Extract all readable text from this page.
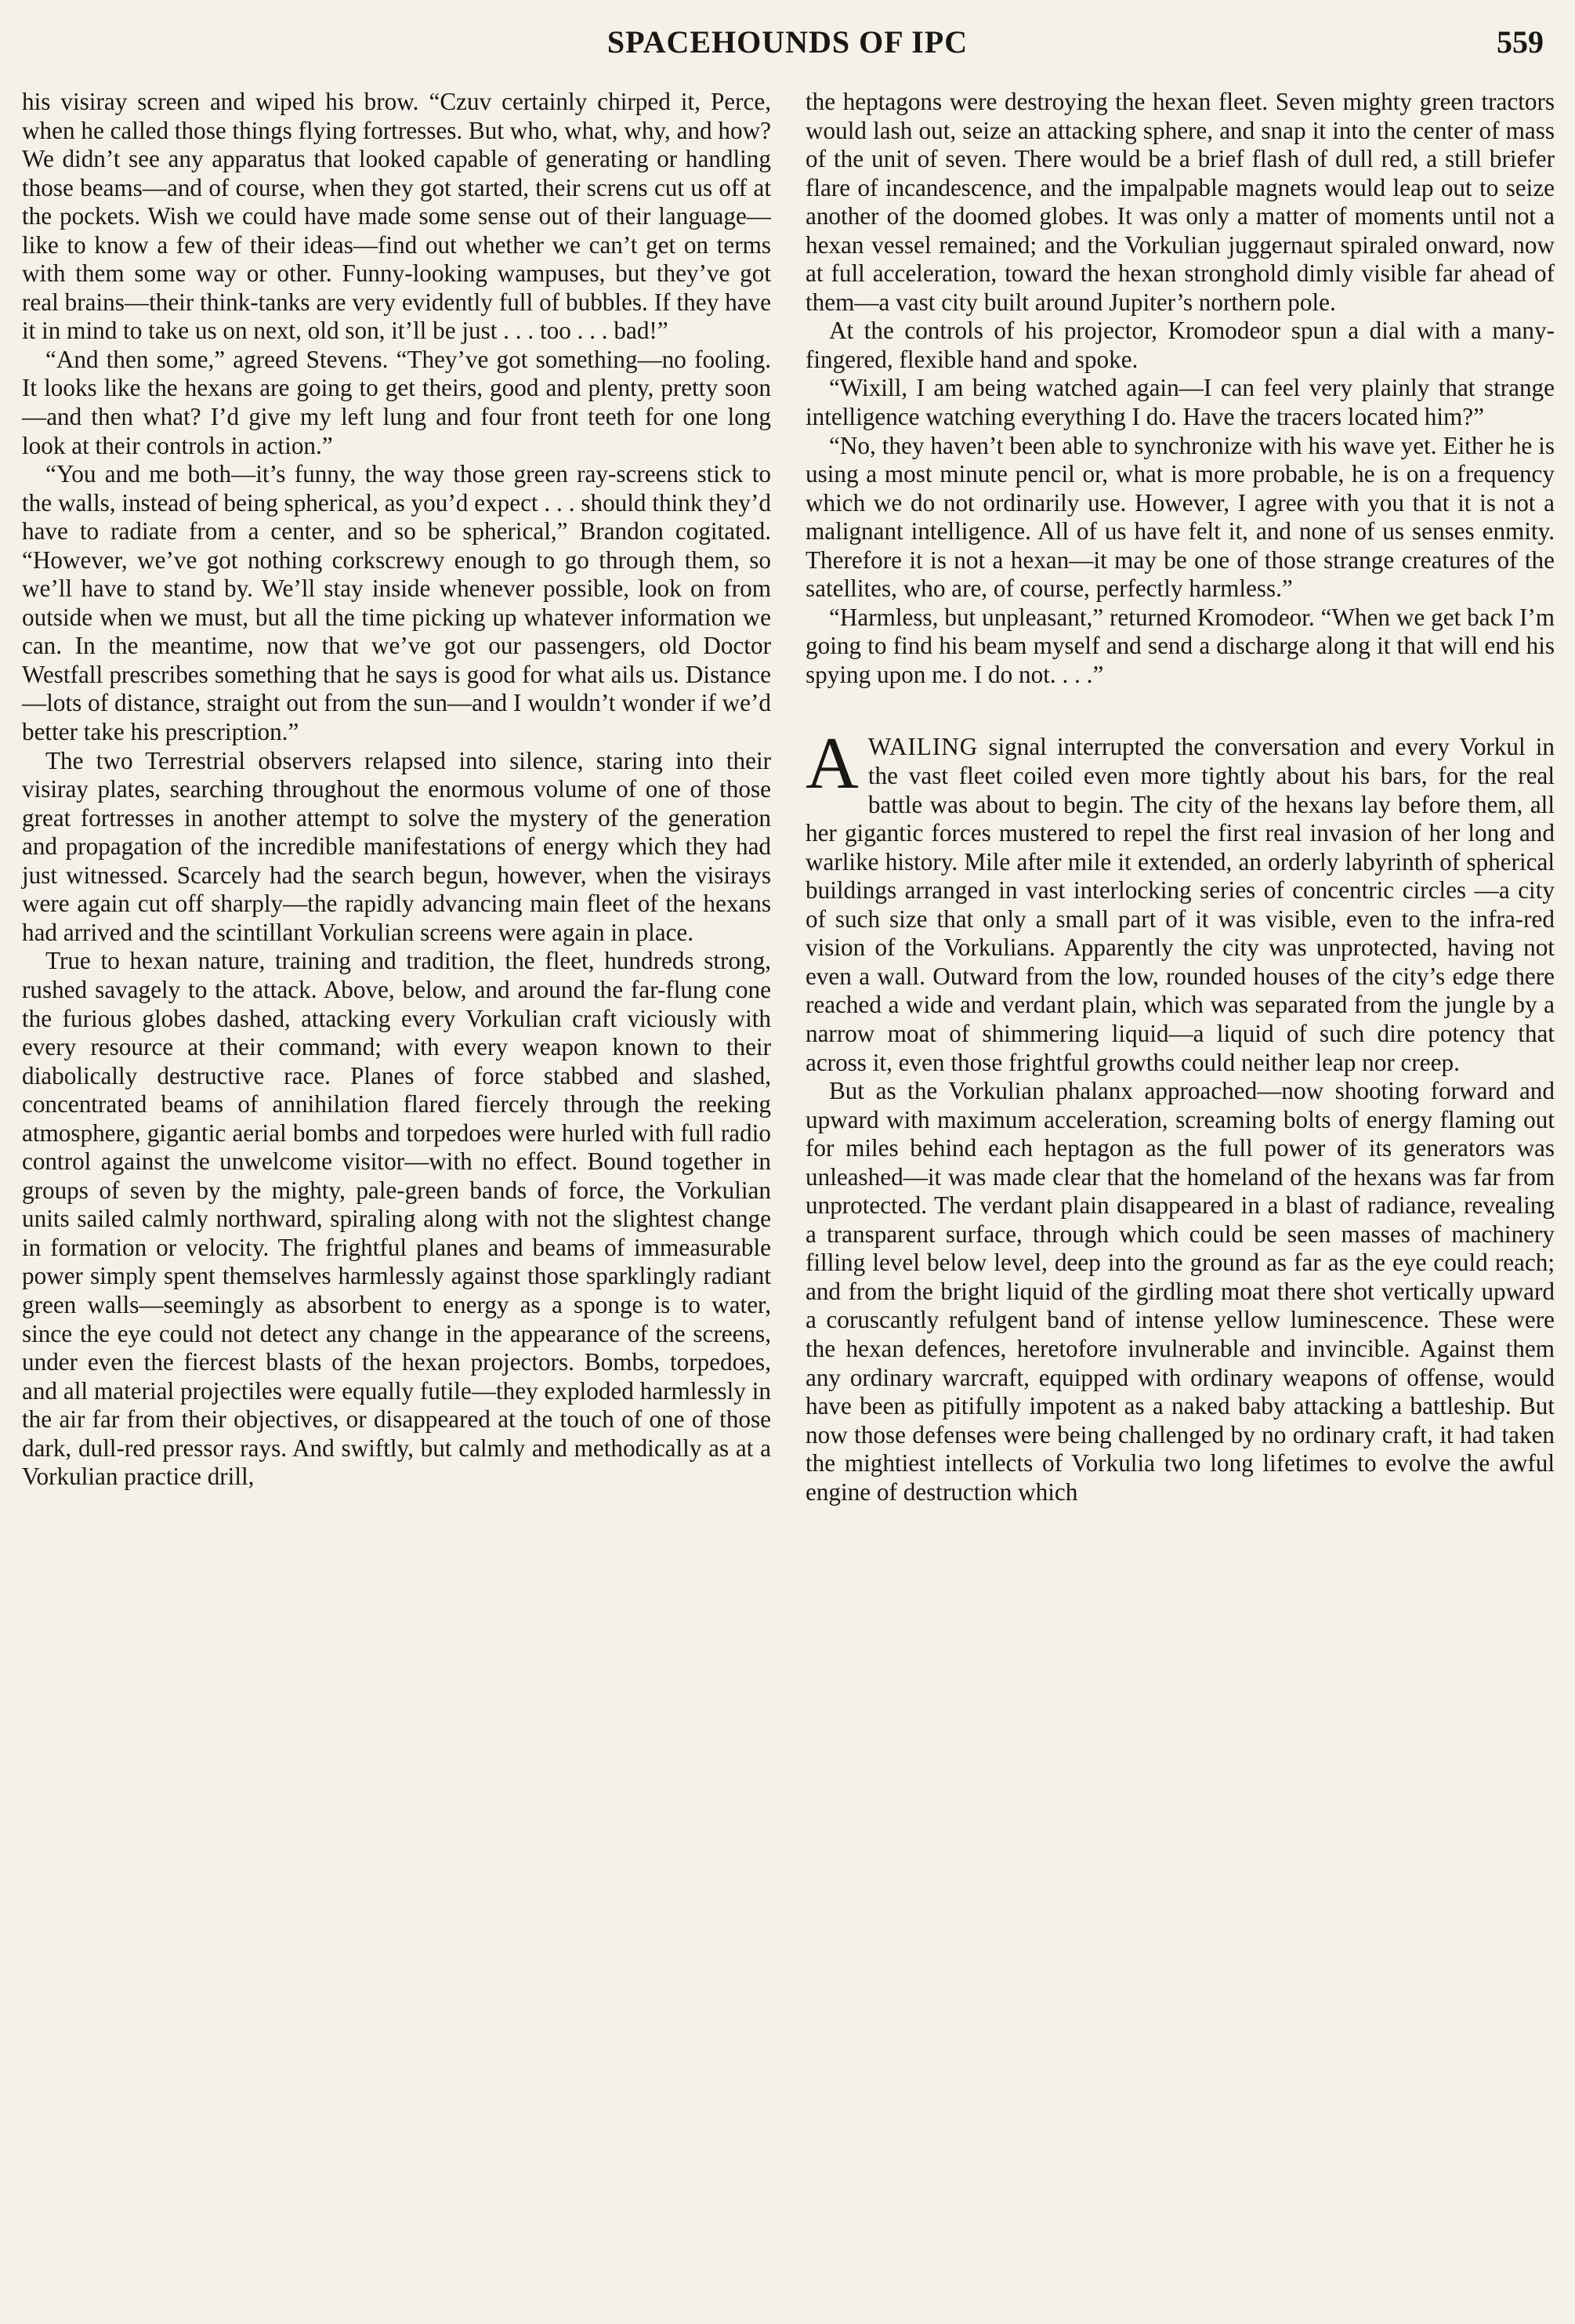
SPACEHOUNDS OF IPC	559

his visiray screen and wiped his brow. “Czuv certainly chirped it, Perce, when he called those things flying fortresses. But who, what, why, and how? We didn’t see any apparatus that looked capable of generating or handling those beams—and of course, when they got started, their screns cut us off at the pockets. Wish we could have made some sense out of their language—like to know a few of their ideas—find out whether we can’t get on terms with them some way or other. Funny-looking wampuses, but they’ve got real brains—their think-tanks are very evidently full of bubbles. If they have it in mind to take us on next, old son, it’ll be just . . . too . . . bad!”

“And then some,” agreed Stevens. “They’ve got something—no fooling. It looks like the hexans are going to get theirs, good and plenty, pretty soon—and then what? I’d give my left lung and four front teeth for one long look at their controls in action.”

“You and me both—it’s funny, the way those green ray-screens stick to the walls, instead of being spherical, as you’d expect . . . should think they’d have to radiate from a center, and so be spherical,” Brandon cogitated. “However, we’ve got nothing corkscrewy enough to go through them, so we’ll have to stand by. We’ll stay inside whenever possible, look on from outside when we must, but all the time picking up whatever information we can. In the meantime, now that we’ve got our passengers, old Doctor Westfall prescribes something that he says is good for what ails us. Distance—lots of distance, straight out from the sun—and I wouldn’t wonder if we’d better take his prescription.”

The two Terrestrial observers relapsed into silence, staring into their visiray plates, searching throughout the enormous volume of one of those great fortresses in another attempt to solve the mystery of the generation and propagation of the incredible manifestations of energy which they had just witnessed. Scarcely had the search begun, however, when the visirays were again cut off sharply—the rapidly advancing main fleet of the hexans had arrived and the scintillant Vorkulian screens were again in place.

True to hexan nature, training and tradition, the fleet, hundreds strong, rushed savagely to the attack. Above, below, and around the far-flung cone the furious globes dashed, attacking every Vorkulian craft viciously with every resource at their command; with every weapon known to their diabolically destructive race. Planes of force stabbed and slashed, concentrated beams of annihilation flared fiercely through the reeking atmosphere, gigantic aerial bombs and torpedoes were hurled with full radio control against the unwelcome visitor—with no effect. Bound together in groups of seven by the mighty, pale-green bands of force, the Vorkulian units sailed calmly northward, spiraling along with not the slightest change in formation or velocity. The frightful planes and beams of immeasurable power simply spent themselves harmlessly against those sparklingly radiant green walls—seemingly as absorbent to energy as a sponge is to water, since the eye could not detect any change in the appearance of the screens, under even the fiercest blasts of the hexan projectors. Bombs, torpedoes, and all material projectiles were equally futile—they exploded harmlessly in the air far from their objectives, or disappeared at the touch of one of those dark, dull-red pressor rays. And swiftly, but calmly and methodically as at a Vorkulian practice drill,

the heptagons were destroying the hexan fleet. Seven mighty green tractors would lash out, seize an attacking sphere, and snap it into the center of mass of the unit of seven. There would be a brief flash of dull red, a still briefer flare of incandescence, and the impalpable magnets would leap out to seize another of the doomed globes. It was only a matter of moments until not a hexan vessel remained; and the Vorkulian juggernaut spiraled onward, now at full acceleration, toward the hexan stronghold dimly visible far ahead of them—a vast city built around Jupiter’s northern pole.

At the controls of his projector, Kromodeor spun a dial with a many-fingered, flexible hand and spoke.

“Wixill, I am being watched again—I can feel very plainly that strange intelligence watching everything I do. Have the tracers located him?”

“No, they haven’t been able to synchronize with his wave yet. Either he is using a most minute pencil or, what is more probable, he is on a frequency which we do not ordinarily use. However, I agree with you that it is not a malignant intelligence. All of us have felt it, and none of us senses enmity. Therefore it is not a hexan—it may be one of those strange creatures of the satellites, who are, of course, perfectly harmless.”

“Harmless, but unpleasant,” returned Kromodeor. “When we get back I’m going to find his beam myself and send a discharge along it that will end his spying upon me. I do not. . . .”

AWAILING signal interrupted the conversation and every Vorkul in the vast fleet coiled even more tightly about his bars, for the real battle was about to begin. The city of the hexans lay before them, all her gigantic forces mustered to repel the first real invasion of her long and warlike history. Mile after mile it extended, an orderly labyrinth of spherical buildings arranged in vast interlocking series of concentric circles —a city of such size that only a small part of it was visible, even to the infra-red vision of the Vorkulians. Apparently the city was unprotected, having not even a wall. Outward from the low, rounded houses of the city’s edge there reached a wide and verdant plain, which was separated from the jungle by a narrow moat of shimmering liquid—a liquid of such dire potency that across it, even those frightful growths could neither leap nor creep.

But as the Vorkulian phalanx approached—now shooting forward and upward with maximum acceleration, screaming bolts of energy flaming out for miles behind each heptagon as the full power of its generators was unleashed—it was made clear that the homeland of the hexans was far from unprotected. The verdant plain disappeared in a blast of radiance, revealing a transparent surface, through which could be seen masses of machinery filling level below level, deep into the ground as far as the eye could reach; and from the bright liquid of the girdling moat there shot vertically upward a coruscantly refulgent band of intense yellow luminescence. These were the hexan defences, heretofore invulnerable and invincible. Against them any ordinary warcraft, equipped with ordinary weapons of offense, would have been as pitifully impotent as a naked baby attacking a battleship. But now those defenses were being challenged by no ordinary craft, it had taken the mightiest intellects of Vorkulia two long lifetimes to evolve the awful engine of destruction which
